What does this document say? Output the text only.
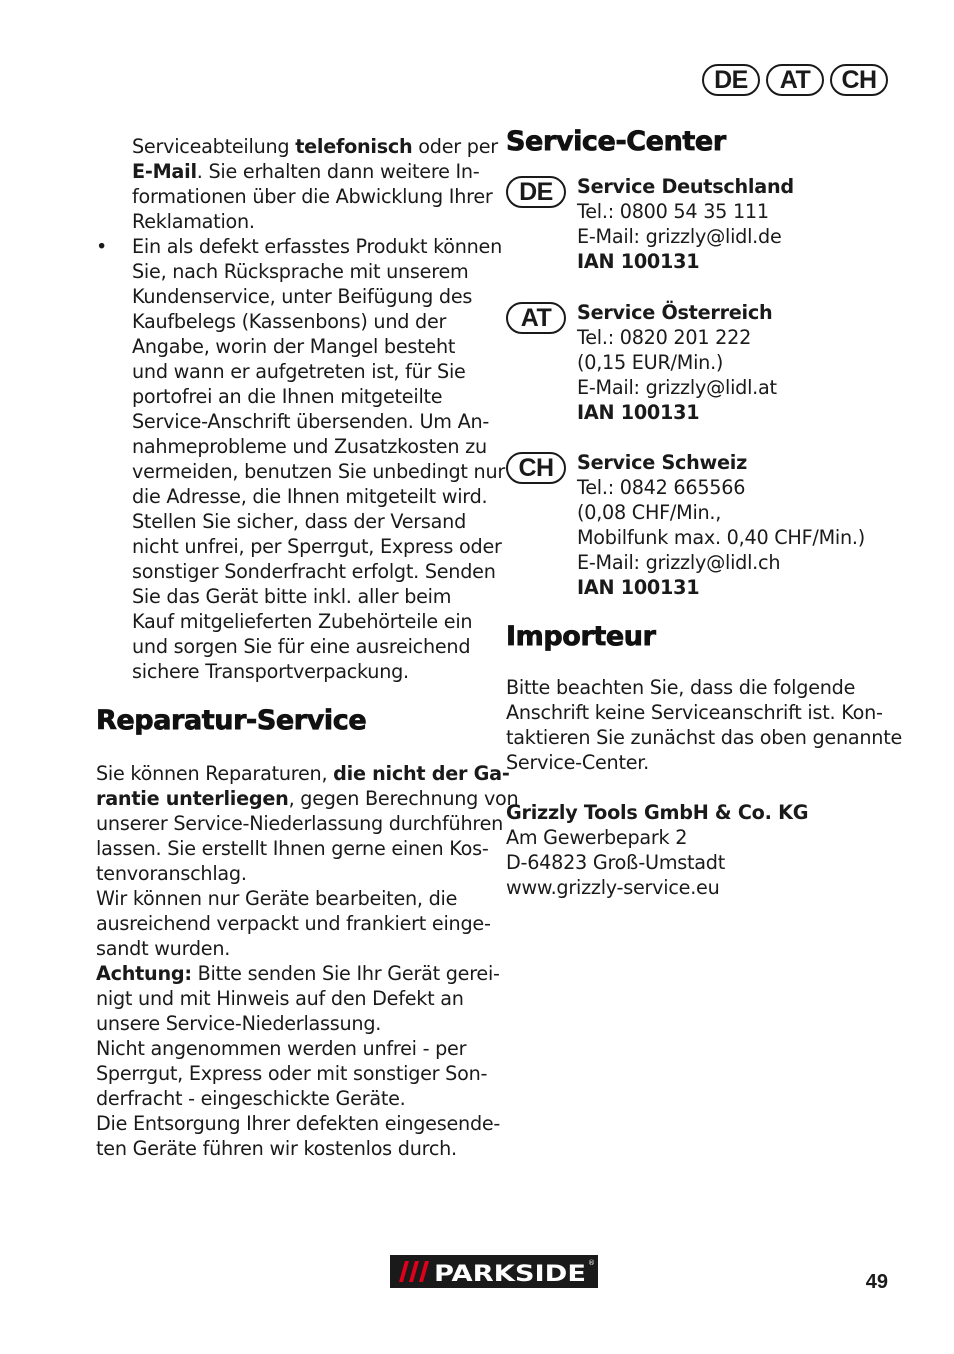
DE	AT	CH

Serviceabteilung telefonisch oder per

E-Mail. Sie erhalten dann weitere In-

formationen über die Abwicklung Ihrer

Reklamation.

• Ein als defekt erfasstes Produkt können

Sie, nach Rücksprache mit unserem

Kundenservice, unter Beifügung des

Kaufbelegs (Kassenbons) und der

Angabe, worin der Mangel besteht

und wann er aufgetreten ist, für Sie

portofrei an die Ihnen mitgeteilte

Service-Anschrift übersenden. Um An-

nahmeprobleme und Zusatzkosten zu

vermeiden, benutzen Sie unbedingt nur

die Adresse, die Ihnen mitgeteilt wird.

Stellen Sie sicher, dass der Versand

nicht unfrei, per Sperrgut, Express oder

sonstiger Sonderfracht erfolgt. Senden

Sie das Gerät bitte inkl. aller beim

Kauf mitgelieferten Zubehörteile ein

und sorgen Sie für eine ausreichend

sichere Transportverpackung.

Reparatur-Service

Sie können Reparaturen, die nicht der Ga-

rantie unterliegen, gegen Berechnung von

unserer Service-Niederlassung durchführen

lassen. Sie erstellt Ihnen gerne einen Kos-

tenvoranschlag.

Wir können nur Geräte bearbeiten, die

ausreichend verpackt und frankiert einge-

sandt wurden.

Achtung: Bitte senden Sie Ihr Gerät gerei-

nigt und mit Hinweis auf den Defekt an

unsere Service-Niederlassung.

Nicht angenommen werden unfrei - per

Sperrgut, Express oder mit sonstiger Son-

derfracht - eingeschickte Geräte.

Die Entsorgung Ihrer defekten eingesende-

ten Geräte führen wir kostenlos durch.

Service-Center
DE	Service Deutschland

Tel.: 0800 54 35 111

E-Mail: grizzly@lidl.de

IAN 100131

AT	Service Österreich

Tel.: 0820 201 222

(0,15 EUR/Min.)

E-Mail: grizzly@lidl.at

IAN 100131

CH	Service Schweiz

Tel.: 0842 665566

(0,08 CHF/Min.,

Mobilfunk max. 0,40 CHF/Min.)

E-Mail: grizzly@lidl.ch

IAN 100131

Importeur

Bitte beachten Sie, dass die folgende

Anschrift keine Serviceanschrift ist. Kon-

taktieren Sie zunächst das oben genannte

Service-Center.

Grizzly Tools GmbH & Co. KG

Am Gewerbepark 2

D-64823 Groß-Umstadt

www.grizzly-service.eu

PARKSIDE ®
49
